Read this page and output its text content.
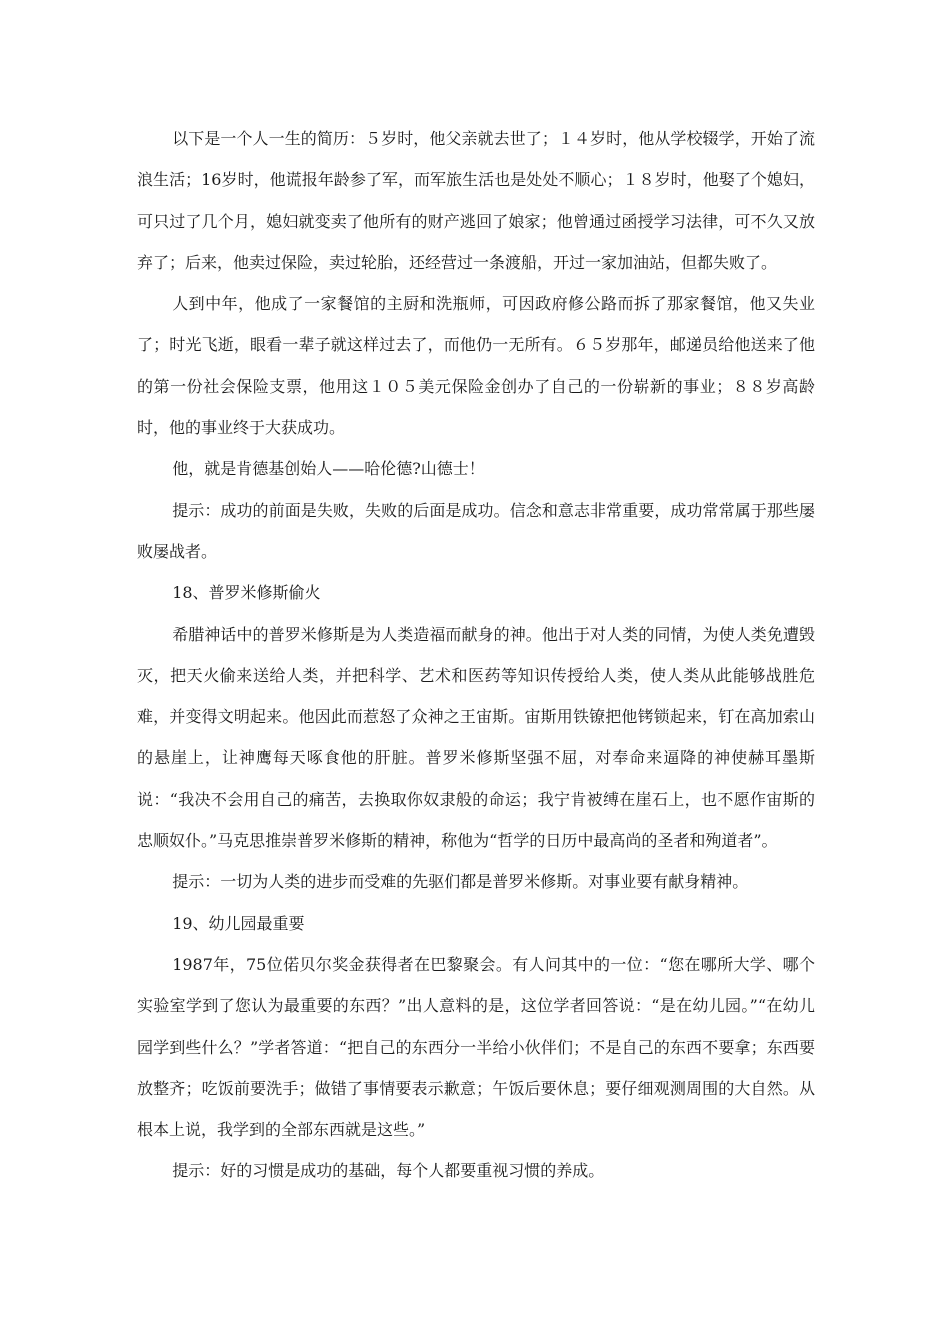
以下是一个人一生的简历：５岁时，他父亲就去世了；１４岁时，他从学校辍学，开始了流浪生活；16岁时，他谎报年龄参了军，而军旅生活也是处处不顺心；１８岁时，他娶了个媳妇，可只过了几个月，媳妇就变卖了他所有的财产逃回了娘家；他曾通过函授学习法律，可不久又放弃了；后来，他卖过保险，卖过轮胎，还经营过一条渡船，开过一家加油站，但都失败了。

人到中年，他成了一家餐馆的主厨和洗瓶师，可因政府修公路而拆了那家餐馆，他又失业了；时光飞逝，眼看一辈子就这样过去了，而他仍一无所有。６５岁那年，邮递员给他送来了他的第一份社会保险支票，他用这１０５美元保险金创办了自己的一份崭新的事业；８８岁高龄时，他的事业终于大获成功。

他，就是肯德基创始人——哈伦德?山德士！

提示：成功的前面是失败，失败的后面是成功。信念和意志非常重要，成功常常属于那些屡败屡战者。

18、普罗米修斯偷火

希腊神话中的普罗米修斯是为人类造福而献身的神。他出于对人类的同情，为使人类免遭毁灭，把天火偷来送给人类，并把科学、艺术和医药等知识传授给人类，使人类从此能够战胜危难，并变得文明起来。他因此而惹怒了众神之王宙斯。宙斯用铁镣把他铐锁起来，钉在高加索山的悬崖上，让神鹰每天啄食他的肝脏。普罗米修斯坚强不屈，对奉命来逼降的神使赫耳墨斯说：“我决不会用自己的痛苦，去换取你奴隶般的命运；我宁肯被缚在崖石上，也不愿作宙斯的忠顺奴仆。”马克思推崇普罗米修斯的精神，称他为“哲学的日历中最高尚的圣者和殉道者”。

提示：一切为人类的进步而受难的先驱们都是普罗米修斯。对事业要有献身精神。

19、幼儿园最重要

1987年，75位偌贝尔奖金获得者在巴黎聚会。有人问其中的一位：“您在哪所大学、哪个实验室学到了您认为最重要的东西？”出人意料的是，这位学者回答说：“是在幼儿园。”“在幼儿园学到些什么？”学者答道：“把自己的东西分一半给小伙伴们；不是自己的东西不要拿；东西要放整齐；吃饭前要洗手；做错了事情要表示歉意；午饭后要休息；要仔细观测周围的大自然。从根本上说，我学到的全部东西就是这些。”

提示：好的习惯是成功的基础，每个人都要重视习惯的养成。
